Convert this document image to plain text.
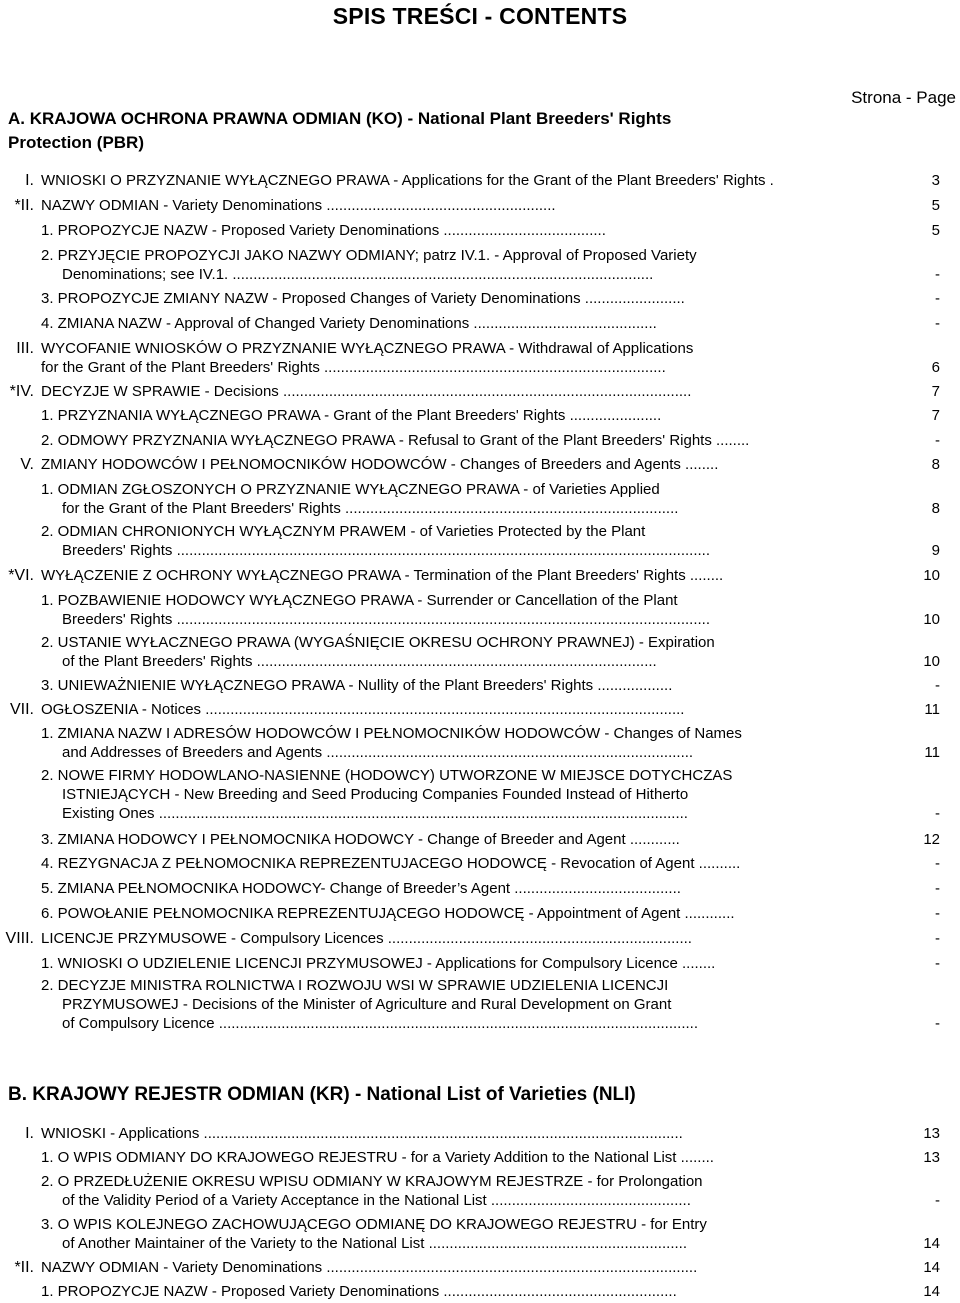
SPIS TREŚCI - CONTENTS
A. KRAJOWA OCHRONA PRAWNA ODMIAN (KO) - National Plant Breeders' Rights
Protection (PBR)
Strona - Page
B. KRAJOWY REJESTR ODMIAN (KR) - National List of Varieties (NLI)
I. WNIOSKI O PRZYZNANIE WYŁĄCZNEGO PRAWA - Applications for the Grant of the Plant Breeders' Rights .	3
*II. NAZWY ODMIAN - Variety Denominations .......................................................	5
1. PROPOZYCJE NAZW - Proposed Variety Denominations .......................................	5
2. PRZYJĘCIE PROPOZYCJI JAKO NAZWY ODMIANY; patrz IV.1. - Approval of Proposed Variety
Denominations; see IV.1. .....................................................................................................	-
3. PROPOZYCJE ZMIANY NAZW - Proposed Changes of Variety Denominations ........................	-
4. ZMIANA NAZW - Approval of Changed Variety Denominations ............................................	-
III. WYCOFANIE WNIOSKÓW O PRZYZNANIE WYŁĄCZNEGO PRAWA - Withdrawal of Applications
for the Grant of the Plant Breeders' Rights ..................................................................................	6
*IV. DECYZJE W SPRAWIE - Decisions ..................................................................................................	7
1. PRZYZNANIA WYŁĄCZNEGO PRAWA - Grant of the Plant Breeders' Rights ......................	7
2. ODMOWY PRZYZNANIA WYŁĄCZNEGO PRAWA - Refusal to Grant of the Plant Breeders' Rights ........	-
V. ZMIANY HODOWCÓW I PEŁNOMOCNIKÓW HODOWCÓW - Changes of Breeders and Agents ........	8
1. ODMIAN ZGŁOSZONYCH O PRZYZNANIE WYŁĄCZNEGO PRAWA - of Varieties Applied
for the Grant of the Plant Breeders' Rights ................................................................................	8
2. ODMIAN CHRONIONYCH WYŁĄCZNYM PRAWEM - of Varieties Protected by the Plant
Breeders' Rights ................................................................................................................................	9
*VI. WYŁĄCZENIE Z OCHRONY WYŁĄCZNEGO PRAWA - Termination of the Plant Breeders' Rights ........	10
1. POZBAWIENIE HODOWCY WYŁĄCZNEGO PRAWA - Surrender or Cancellation of the Plant
Breeders' Rights ................................................................................................................................	10
2. USTANIE WYŁACZNEGO PRAWA (WYGAŚNIĘCIE OKRESU OCHRONY PRAWNEJ) - Expiration
of the Plant Breeders' Rights ................................................................................................	10
3. UNIEWAŻNIENIE WYŁĄCZNEGO PRAWA - Nullity of the Plant Breeders' Rights ..................	-
VII. OGŁOSZENIA - Notices ...................................................................................................................	11
1. ZMIANA NAZW I ADRESÓW HODOWCÓW I PEŁNOMOCNIKÓW HODOWCÓW - Changes of Names
and Addresses of Breeders and Agents ........................................................................................	11
2. NOWE FIRMY HODOWLANO-NASIENNE (HODOWCY) UTWORZONE W MIEJSCE DOTYCHCZAS
ISTNIEJĄCYCH - New Breeding and Seed Producing Companies Founded Instead of Hitherto
Existing Ones ...............................................................................................................................	-
3. ZMIANA HODOWCY I PEŁNOMOCNIKA HODOWCY - Change of Breeder and Agent ............	12
4. REZYGNACJA Z PEŁNOMOCNIKA REPREZENTUJACEGO HODOWCĘ - Revocation of Agent ..........	-
5. ZMIANA PEŁNOMOCNIKA HODOWCY- Change of Breeder’s Agent ........................................	-
6. POWOŁANIE PEŁNOMOCNIKA REPREZENTUJĄCEGO HODOWCĘ - Appointment of Agent ............	-
VIII. LICENCJE PRZYMUSOWE - Compulsory Licences .........................................................................	-
1. WNIOSKI O UDZIELENIE LICENCJI PRZYMUSOWEJ - Applications for Compulsory Licence ........	-
2. DECYZJE MINISTRA ROLNICTWA I ROZWOJU WSI W SPRAWIE UDZIELENIA LICENCJI
PRZYMUSOWEJ - Decisions of the Minister of Agriculture and Rural Development on Grant
of Compulsory Licence ...................................................................................................................	-
I. WNIOSKI - Applications ...................................................................................................................	13
1. O WPIS ODMIANY DO KRAJOWEGO REJESTRU - for a Variety Addition to the National List ........	13
2. O PRZEDŁUŻENIE OKRESU WPISU ODMIANY W KRAJOWYM REJESTRZE - for Prolongation
of the Validity Period of a Variety Acceptance in the National List ................................................	-
3. O WPIS KOLEJNEGO ZACHOWUJĄCEGO ODMIANĘ DO KRAJOWEGO REJESTRU - for Entry
of Another Maintainer of the Variety to the National List ..............................................................	14
*II. NAZWY ODMIAN - Variety Denominations .........................................................................................	14
1. PROPOZYCJE NAZW - Proposed Variety Denominations ........................................................	14
